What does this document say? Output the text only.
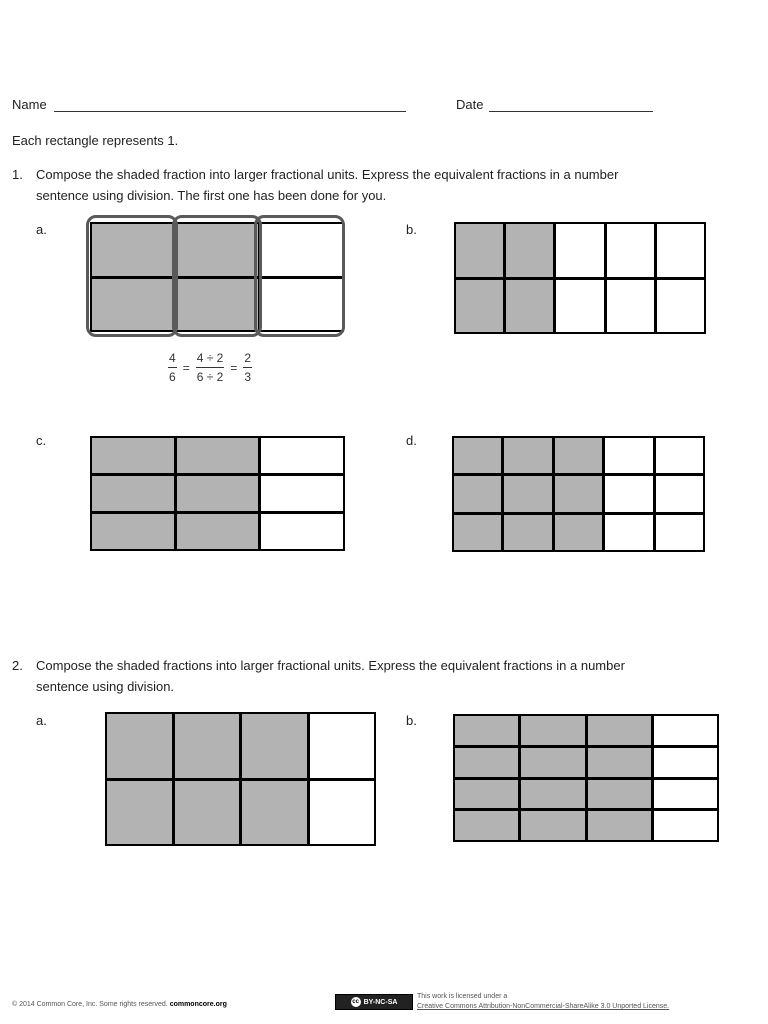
Name	Date
Each rectangle represents 1.
1. Compose the shaded fraction into larger fractional units. Express the equivalent fractions in a number
sentence using division. The first one has been done for you.
a.	b.
$\frac{4}{6} = \frac{4 \div 2}{6 \div 2} = \frac{2}{3}$
c.	d.
2. Compose the shaded fractions into larger fractional units. Express the equivalent fractions in a number
sentence using division.
a.	b.
© 2014 Common Core, Inc. Some rights reserved. commoncore.org	cc BY-NC-SA
This work is licensed under a
Creative Commons Attribution-NonCommercial-ShareAlike 3.0 Unported License.
